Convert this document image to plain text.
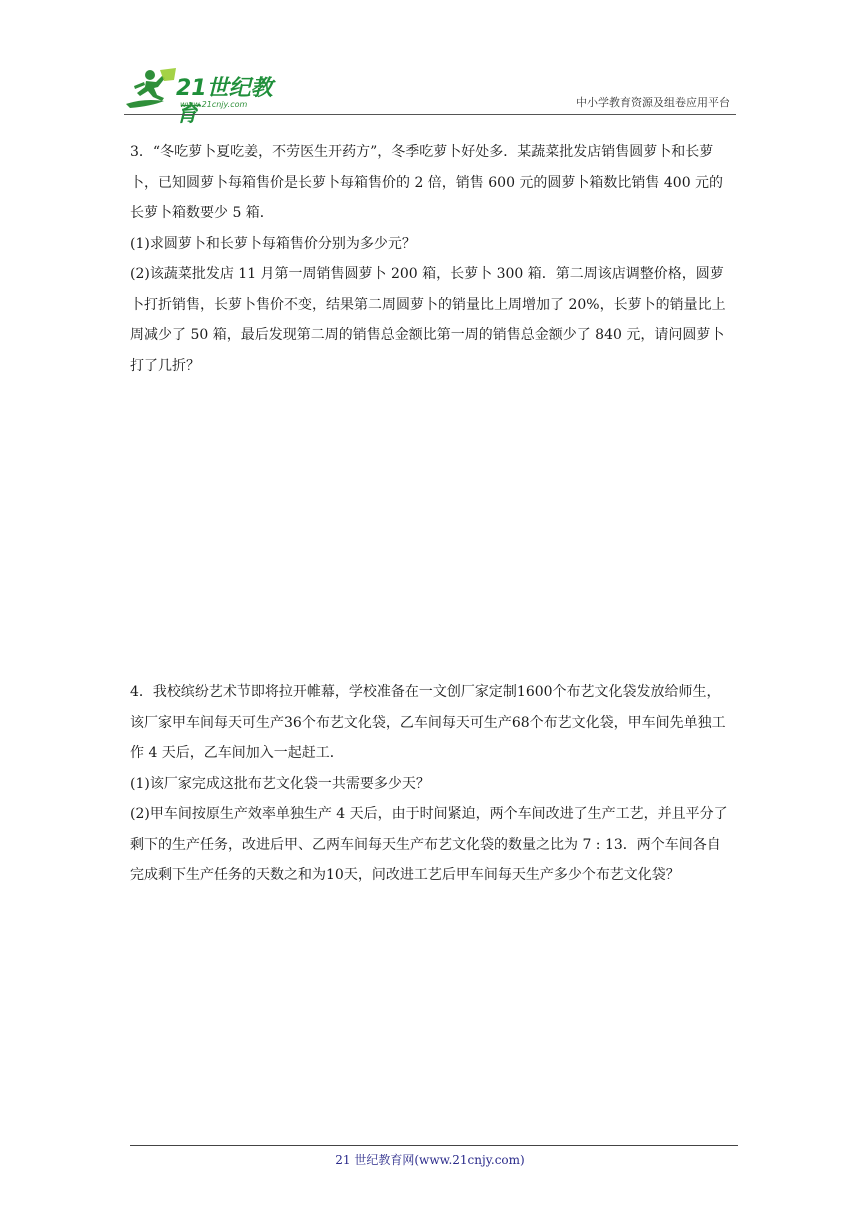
21世纪教育
www.21cnjy.com	中小学教育资源及组卷应用平台

3．“冬吃萝卜夏吃姜，不劳医生开药方”，冬季吃萝卜好处多．某蔬菜批发店销售圆萝卜和长萝卜，已知圆萝卜每箱售价是长萝卜每箱售价的 2 倍，销售 600 元的圆萝卜箱数比销售 400 元的长萝卜箱数要少 5 箱．

(1)求圆萝卜和长萝卜每箱售价分别为多少元？

(2)该蔬菜批发店 11 月第一周销售圆萝卜 200 箱，长萝卜 300 箱．第二周该店调整价格，圆萝卜打折销售，长萝卜售价不变，结果第二周圆萝卜的销量比上周增加了 20%，长萝卜的销量比上周减少了 50 箱，最后发现第二周的销售总金额比第一周的销售总金额少了 840 元，请问圆萝卜打了几折？

4．我校缤纷艺术节即将拉开帷幕，学校准备在一文创厂家定制1600个布艺文化袋发放给师生，该厂家甲车间每天可生产36个布艺文化袋，乙车间每天可生产68个布艺文化袋，甲车间先单独工作 4 天后，乙车间加入一起赶工．

(1)该厂家完成这批布艺文化袋一共需要多少天？

(2)甲车间按原生产效率单独生产 4 天后，由于时间紧迫，两个车间改进了生产工艺，并且平分了剩下的生产任务，改进后甲、乙两车间每天生产布艺文化袋的数量之比为 7 : 13．两个车间各自完成剩下生产任务的天数之和为10天，问改进工艺后甲车间每天生产多少个布艺文化袋？

21 世纪教育网(www.21cnjy.com)
